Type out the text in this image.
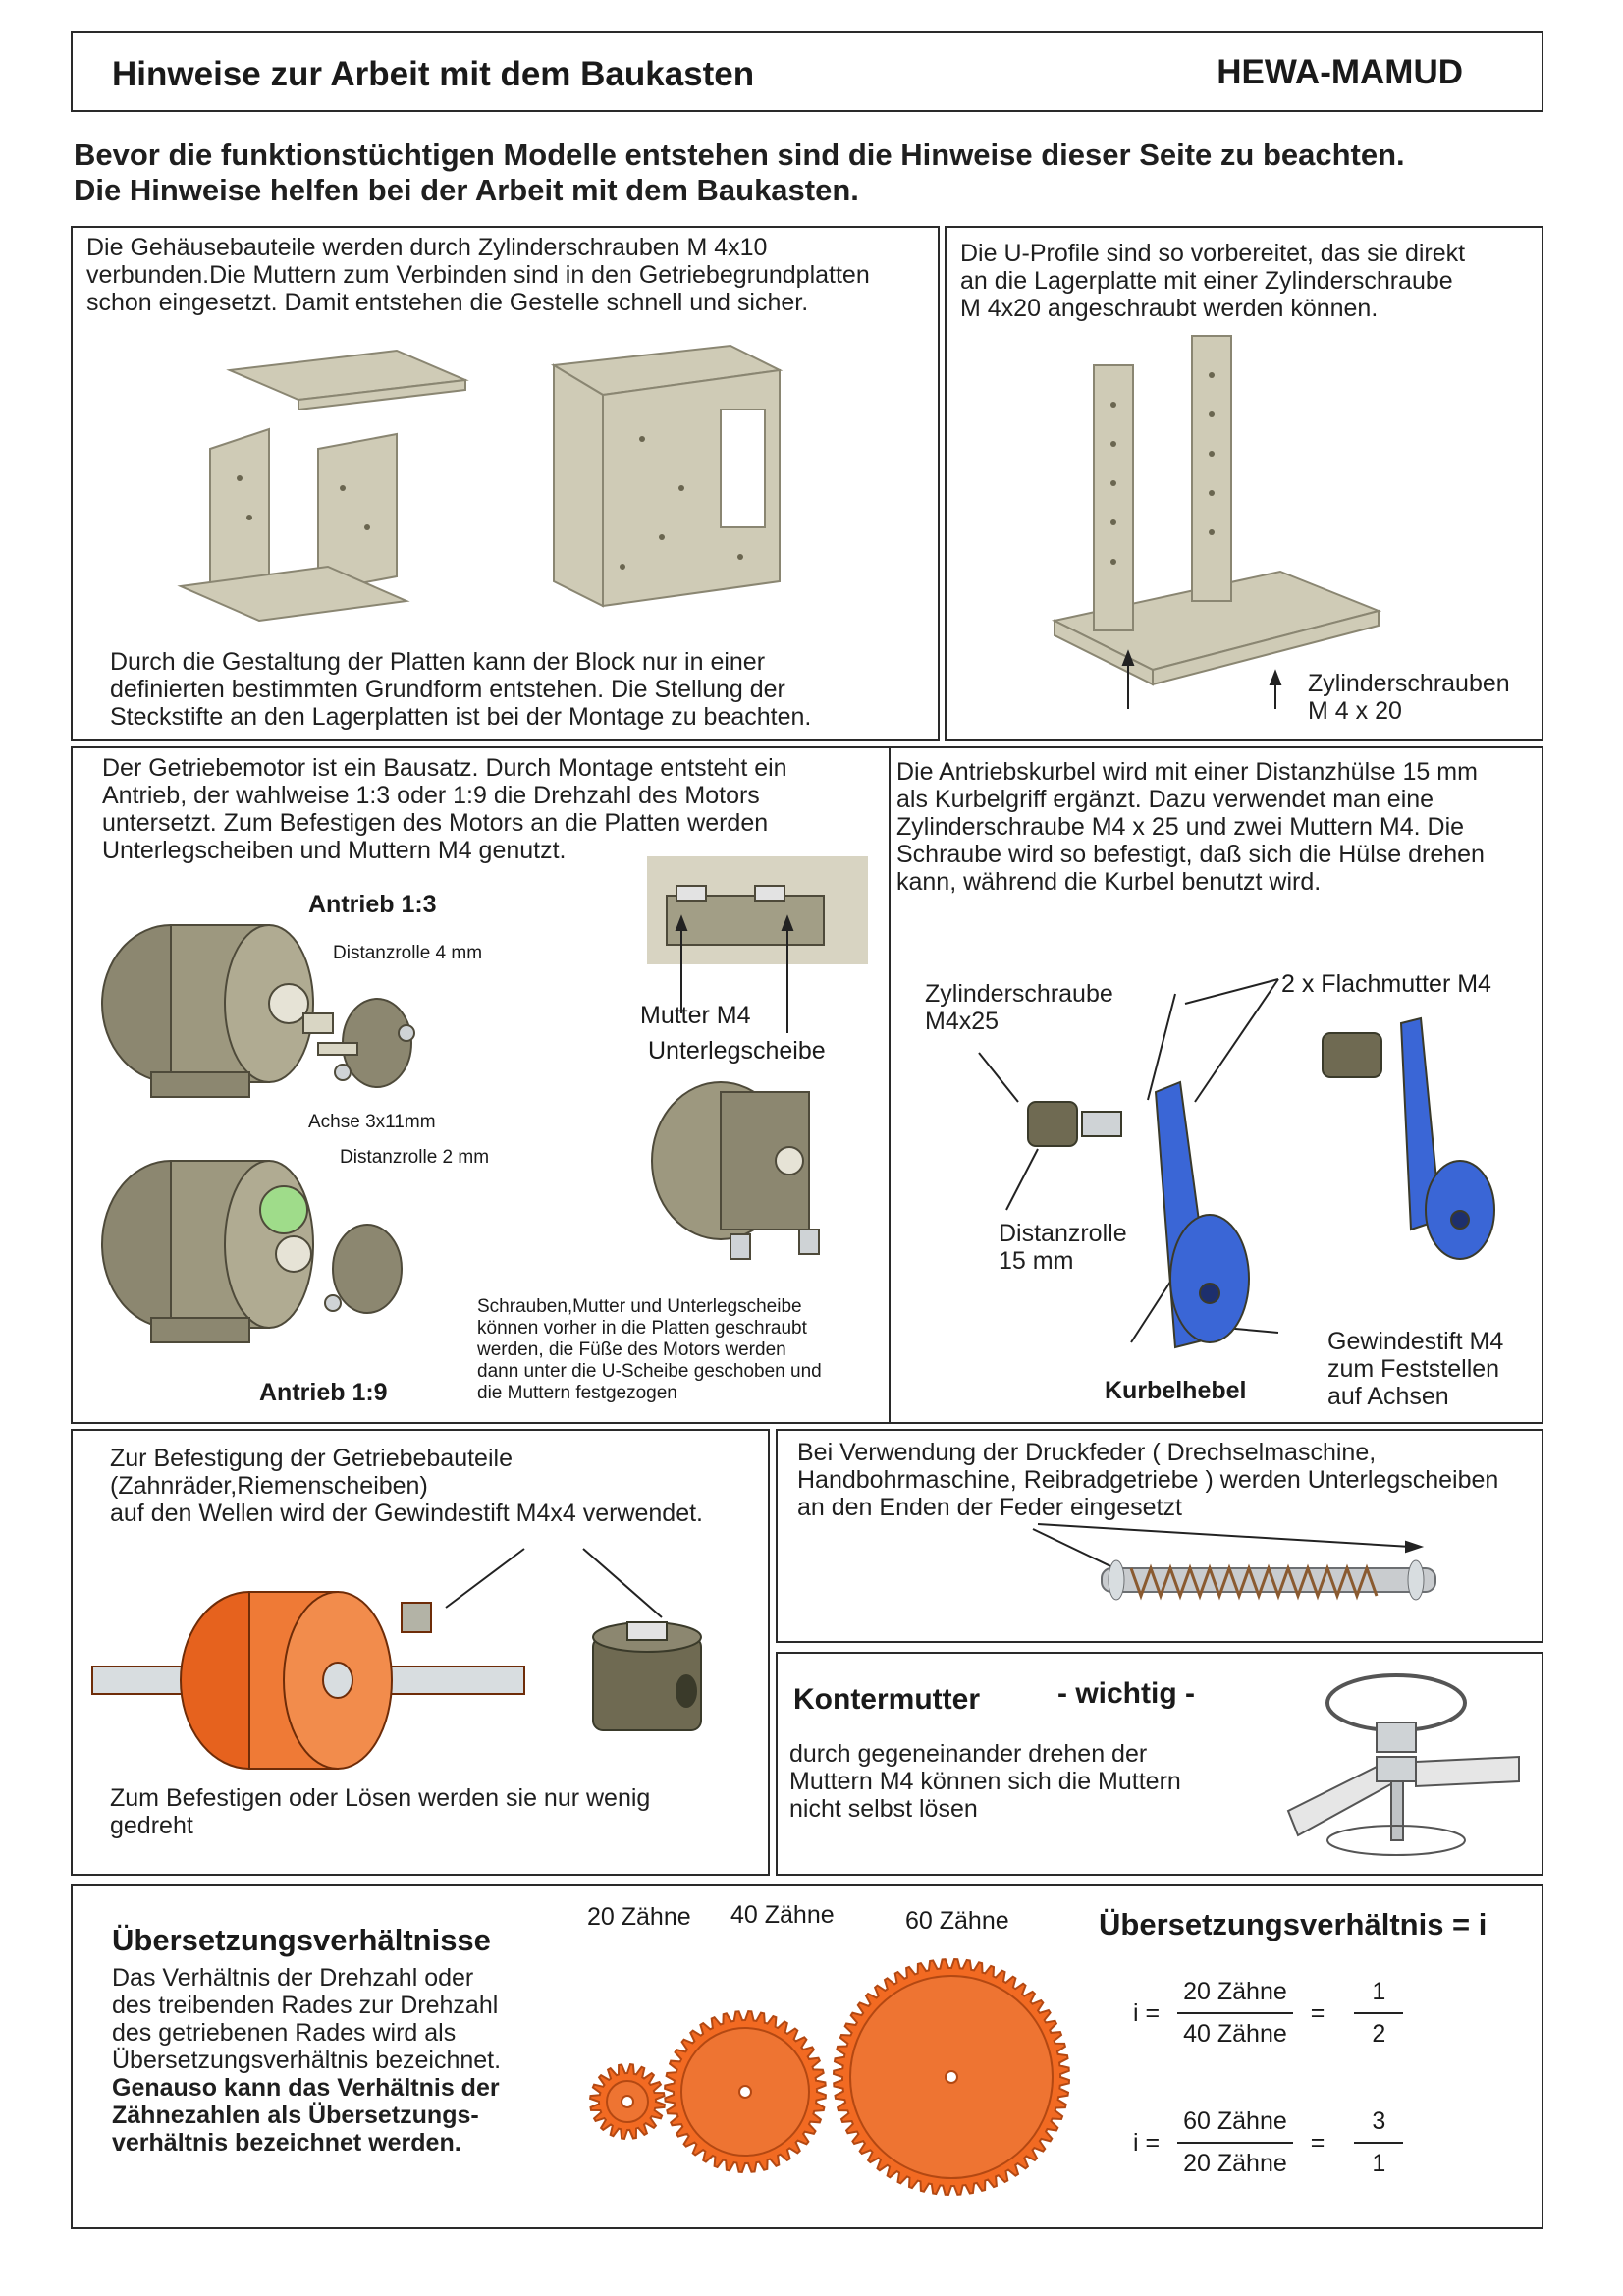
Hinweise zur Arbeit mit dem Baukasten	HEWA-MAMUD
Bevor die funktionstüchtigen Modelle entstehen sind die Hinweise dieser Seite zu beachten.
Die Hinweise helfen bei der Arbeit mit dem Baukasten.
Die Gehäusebauteile werden durch Zylinderschrauben M 4x10
verbunden.Die Muttern zum Verbinden sind in den Getriebegrundplatten
schon eingesetzt. Damit entstehen die Gestelle schnell und sicher.
Durch die Gestaltung der Platten kann der Block nur in einer
definierten bestimmten Grundform entstehen. Die Stellung der
Steckstifte an den Lagerplatten ist bei der Montage zu beachten.
Die U-Profile sind so vorbereitet, das sie direkt
an die Lagerplatte mit einer Zylinderschraube
M 4x20 angeschraubt werden können.
Zylinderschrauben
M 4 x 20
Der Getriebemotor ist ein Bausatz. Durch Montage entsteht ein
Antrieb, der wahlweise 1:3 oder 1:9 die Drehzahl des Motors
untersetzt. Zum Befestigen des Motors an die Platten werden
Unterlegscheiben und Muttern M4 genutzt.
Antrieb 1:3
Distanzrolle 4 mm
Achse 3x11mm
Distanzrolle 2 mm
Antrieb 1:9
Mutter M4
Unterlegscheibe
Schrauben,Mutter und Unterlegscheibe
können vorher in die Platten geschraubt
werden, die Füße des Motors werden
dann unter die U-Scheibe geschoben und
die Muttern festgezogen
Die Antriebskurbel wird mit einer Distanzhülse 15 mm
als Kurbelgriff ergänzt. Dazu verwendet man eine
Zylinderschraube M4 x 25 und zwei Muttern M4. Die
Schraube wird so befestigt, daß sich die Hülse drehen
kann, während die Kurbel benutzt wird.
Zylinderschraube
M4x25
2 x Flachmutter M4
Distanzrolle
15 mm
Kurbelhebel
Gewindestift M4
zum Feststellen
auf Achsen
Zur Befestigung der Getriebebauteile
(Zahnräder,Riemenscheiben)
auf den Wellen wird der Gewindestift M4x4 verwendet.
Zum Befestigen oder Lösen werden sie nur wenig
gedreht
Bei Verwendung der Druckfeder ( Drechselmaschine,
Handbohrmaschine, Reibradgetriebe ) werden Unterlegscheiben
an den Enden der Feder eingesetzt
Kontermutter	- wichtig -
durch gegeneinander drehen der
Muttern M4 können sich die Muttern
nicht selbst lösen
Übersetzungsverhältnisse
Das Verhältnis der Drehzahl oder
des treibenden Rades zur Drehzahl
des getriebenen Rades wird als
Übersetzungsverhältnis bezeichnet.
Genauso kann das Verhältnis der
Zähnezahlen als Übersetzungs-
verhältnis bezeichnet werden.
20 Zähne 40 Zähne	60 Zähne	Übersetzungsverhältnis = i
$i = \frac{\text{20 Zähne}}{\text{40 Zähne}} = \frac{1}{2}$
$i = \frac{\text{60 Zähne}}{\text{20 Zähne}} = \frac{3}{1}$
